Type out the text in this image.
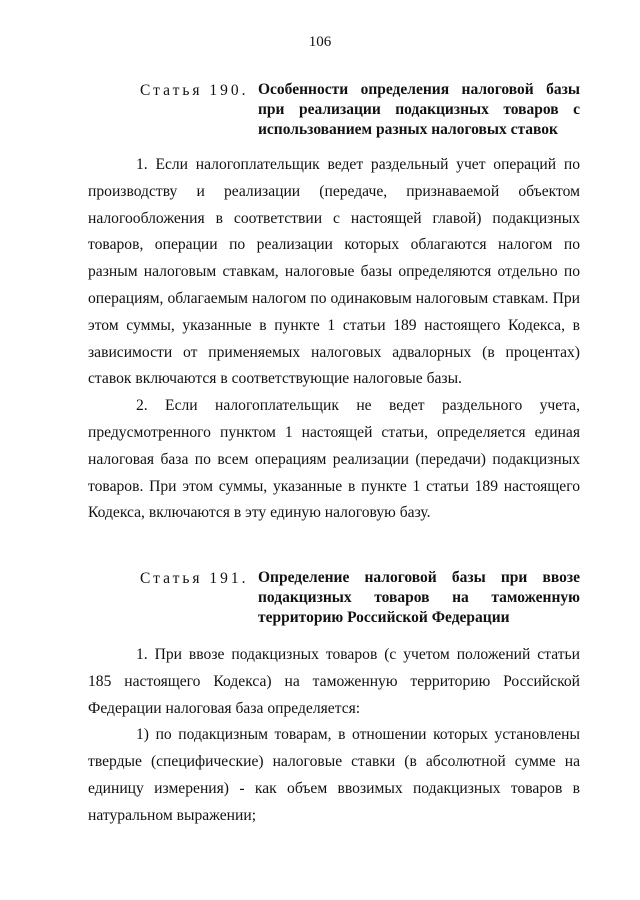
106
Статья 190. Особенности определения налоговой базы при реализации подакцизных товаров с использованием разных налоговых ставок

1. Если налогоплательщик ведет раздельный учет операций по производству и реализации (передаче, признаваемой объектом налогообложения в соответствии с настоящей главой) подакцизных товаров, операции по реализации которых облагаются налогом по разным налоговым ставкам, налоговые базы определяются отдельно по операциям, облагаемым налогом по одинаковым налоговым ставкам. При этом суммы, указанные в пункте 1 статьи 189 настоящего Кодекса, в зависимости от применяемых налоговых адвалорных (в процентах) ставок включаются в соответствующие налоговые базы.

2. Если налогоплательщик не ведет раздельного учета, предусмотренного пунктом 1 настоящей статьи, определяется единая налоговая база по всем операциям реализации (передачи) подакцизных товаров. При этом суммы, указанные в пункте 1 статьи 189 настоящего Кодекса, включаются в эту единую налоговую базу.

Статья 191. Определение налоговой базы при ввозе подакцизных товаров на таможенную территорию Российской Федерации

1. При ввозе подакцизных товаров (с учетом положений статьи 185 настоящего Кодекса) на таможенную территорию Российской Федерации налоговая база определяется:

1) по подакцизным товарам, в отношении которых установлены твердые (специфические) налоговые ставки (в абсолютной сумме на единицу измерения) - как объем ввозимых подакцизных товаров в натуральном выражении;
